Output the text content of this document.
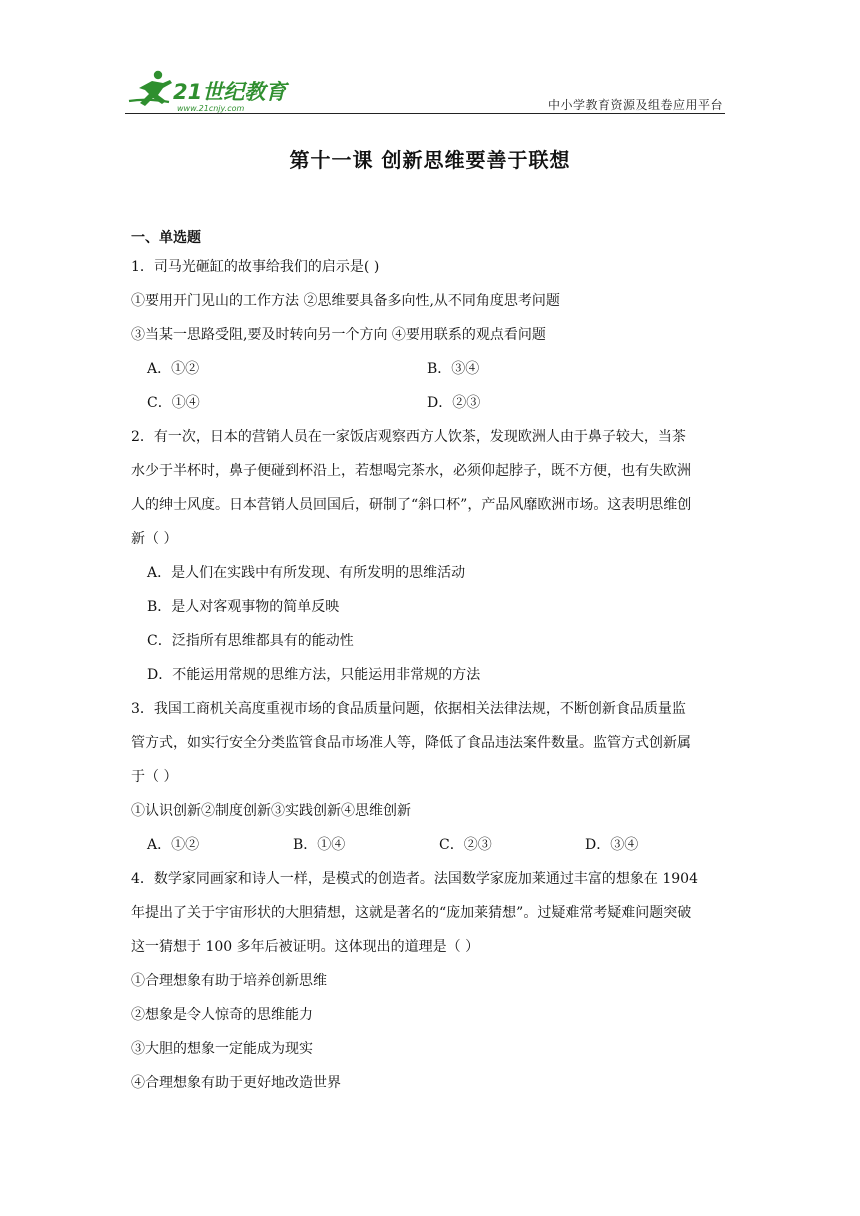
21世纪教育
www.21cnjy.com	中小学教育资源及组卷应用平台
第十一课 创新思维要善于联想
一、单选题
1．司马光砸缸的故事给我们的启示是( )
①要用开门见山的工作方法 ②思维要具备多向性,从不同角度思考问题
③当某一思路受阻,要及时转向另一个方向 ④要用联系的观点看问题
A．①②	B．③④
C．①④	D．②③
2．有一次，日本的营销人员在一家饭店观察西方人饮茶，发现欧洲人由于鼻子较大，当茶
水少于半杯时，鼻子便碰到杯沿上，若想喝完茶水，必须仰起脖子，既不方便，也有失欧洲
人的绅士风度。日本营销人员回国后，研制了“斜口杯”，产品风靡欧洲市场。这表明思维创
新（ ）
A．是人们在实践中有所发现、有所发明的思维活动
B．是人对客观事物的简单反映
C．泛指所有思维都具有的能动性
D．不能运用常规的思维方法，只能运用非常规的方法
3．我国工商机关高度重视市场的食品质量问题，依据相关法律法规，不断创新食品质量监
管方式，如实行安全分类监管食品市场准人等，降低了食品违法案件数量。监管方式创新属
于（ ）
①认识创新②制度创新③实践创新④思维创新
A．①②	B．①④	C．②③	D．③④
4．数学家同画家和诗人一样，是模式的创造者。法国数学家庞加莱通过丰富的想象在 1904
年提出了关于宇宙形状的大胆猜想，这就是著名的“庞加莱猜想”。过疑难常考疑难问题突破
这一猜想于 100 多年后被证明。这体现出的道理是（ ）
①合理想象有助于培养创新思维
②想象是令人惊奇的思维能力
③大胆的想象一定能成为现实
④合理想象有助于更好地改造世界
